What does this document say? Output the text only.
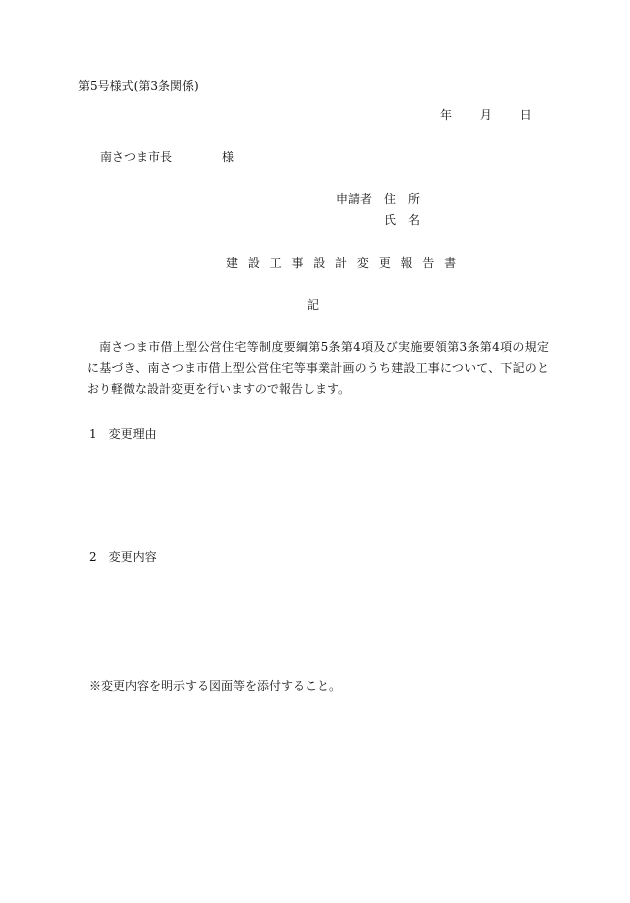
第5号様式(第3条関係)
年 月 日
南さつま市長	様
申請者 住　所
氏　名
建 設 工 事 設 計 変 更 報 告 書
記
南さつま市借上型公営住宅等制度要綱第5条第4項及び実施要領第3条第4項の規定に基づき、南さつま市借上型公営住宅等事業計画のうち建設工事について、下記のとおり軽微な設計変更を行いますので報告します。
1 変更理由
2 変更内容
※変更内容を明示する図面等を添付すること。
